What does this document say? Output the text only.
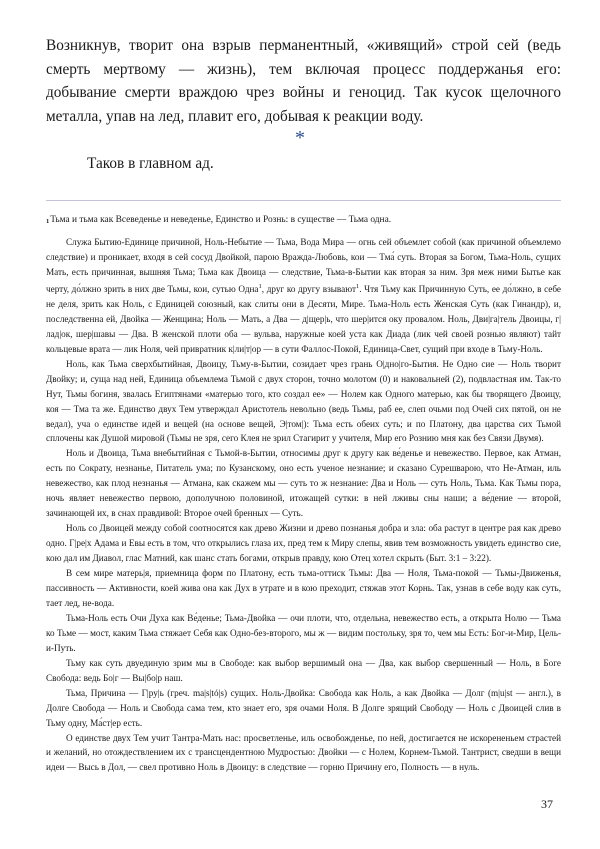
Возникнув, творит она взрыв перманентный, «живящий» строй сей (ведь смерть мертвому — жизнь), тем включая процесс поддержанья его: добывание смерти враждою чрез войны и геноцид. Так кусок щелочного металла, упав на лед, плавит его, добывая к реакции воду.

*

Таков в главном ад.

$^1$Тьма и тьма как Всеведенье и неведенье, Единство и Рознь: в существе — Тьма одна.

Служа Бытию-Единице причиной, Ноль-Небытие — Тьма, Вода Мира — огнь сей объемлет собой (как причиной объемлемо следствие) и проникает, входя в сей сосуд Двойкой, парою Вражда-Любовь, кои — Тма́ суть. Вторая за Богом, Тьма-Ноль, сущих Мать, есть причинная, вышняя Тьма; Тьма как Двоица — следствие, Тьма-в-Бытии как вторая за ним. Зря меж ними Бытье как черту, до́лжно зрить в них две Тьмы, кои, сутью Одна$^1$, друг ко другу взывают$^1$. Чтя Тьму как Причинную Суть, ее до́лжно, в себе не деля, зрить как Ноль, с Единицей союзный, как слиты они в Десяти, Мире. Тьма-Ноль есть Женская Суть (как Гинандр), и, последственна ей, Двойка — Женщина; Ноль — Мать, а Два — д|щер|ь, что шер|ится оку провалом. Ноль, Дви|га|тель Двоицы, г|лад|ок, шер|шавы — Два. В женской плоти оба — вульва, наружные коей уста как Диада (лик чей своей рознью являют) тайт кольцевые врата — лик Ноля, чей привратник к|ли|т|ор — в сути Фаллос-Покой, Единица-Свет, сущий при входе в Тьму-Ноль.

Ноль, как Тьма сверхбытийная, Двоицу, Тьму-в-Бытии, созидает чрез грань О|дно|го-Бытия. Не Одно сие — Ноль творит Двойку; и, суща над ней, Единица объемлема Тьмой с двух сторон, точно молотом (0) и наковальней (2), подвластная им. Так-то Нут, Тьмы богиня, звалась Египтянами «матерью того, кто создал ее» — Нолем как Одного матерью, как бы творящего Двоицу, коя — Тма та же. Единство двух Тем утверждал Аристотель невольно (ведь Тьмы, раб ее, слеп очьми под Очей сих пятой, он не ведал), уча о единстве идей и вещей (на основе вещей, Э|том|): Тьма есть обеих суть; и по Платону, два царства сих Тьмой сплочены как Душой мировой (Тьмы не зря, сего Клея не зрил Стагирит у учителя, Мир его Рознию мня как без Связи Двумя).

Ноль и Двоица, Тьма внебытийная с Тьмой-в-Бытии, относимы друг к другу как ве́денье и невежество. Первое, как Атман, есть по Сократу, незнанье, Питатель ума; по Кузанскому, оно есть ученое незнание; и сказано Сурешварою, что Не-Атман, иль невежество, как плод незнанья — Атмана, как скажем мы — суть то ж незнание: Два и Ноль — суть Ноль, Тьма. Как Тьмы пора, ночь являет невежество первою, дополучною половиной, итожащей сутки: в ней лживы сны наши; а ве́дение — второй, зачинающей их, в снах правдивой: Второе очей бренных — Суть.

Ноль со Двоицей между собой соотносятся как древо Жизни и древо познанья добра и зла: оба растут в центре рая как древо одно. Г|ре|х Адама и Евы есть в том, что открылись глаза их, пред тем к Миру слепы, явив тем возможность увидеть единство сие, кою дал им Диавол, глас Матний, как шанс стать богами, открыв правду, кою Отец хотел скрыть (Быт. 3:1 – 3:22).

В сем мире матерь|я, приемница форм по Платону, есть тьма-оттиск Тьмы: Два — Ноля, Тьма-покой — Тьмы-Движенья, пассивность — Активности, коей жива она как Дух в утрате и в кою преходит, стяжав этот Корнь. Так, узнав в себе воду как суть, тает лед, не-вода.

Тьма-Ноль есть Очи Духа как Ве́денье; Тьма-Двойка — очи плоти, что, отдельна, невежество есть, а открыта Нолю — Тьма ко Тьме — мост, каким Тьма стяжает Себя как Одно-без-второго, мы ж — видим постольку, зря то, чем мы Есть: Бог-и-Мир, Цель-и-Путь.

Тьму как суть двуединую зрим мы в Свободе: как выбор вершимый она — Два, как выбор свершенный — Ноль, в Боге Свобода: ведь Бо|г — Вы|бо|р наш.

Тьма, Причина — Г|ру|ь (греч. ma|s|tó|s) сущих. Ноль-Двойка: Свобода как Ноль, а как Двойка — Долг (m|u|st — англ.), в Долге Свобода — Ноль и Свобода сама тем, кто знает его, зря очами Ноля. В Долге зрящий Свободу — Ноль с Двоицей слив в Тьму одну, Ма́ст|ер есть.

О единстве двух Тем учит Тантра-Мать нас: просветленье, иль освобожденье, по ней, достигается не искорененьем страстей и желаний, но отождествлением их с трансцендентною Мудростью: Двойки — с Нолем, Корнем-Тьмой. Тантрист, сведши в вещи идеи — Высь в Дол, — свел противно Ноль в Двоицу: в следствие — горню Причину его, Полность — в нуль.

37
